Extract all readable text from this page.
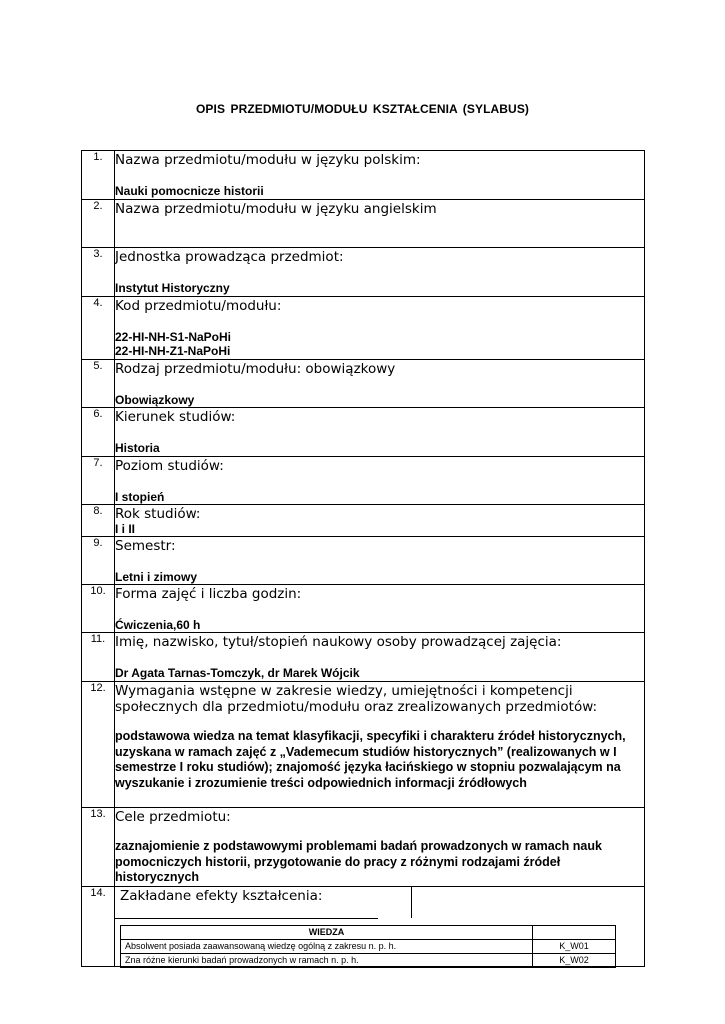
OPIS PRZEDMIOTU/MODUŁU KSZTAŁCENIA (SYLABUS)
1.	Nazwa przedmiotu/modułu w języku polskim:
Nauki pomocnicze historii

2.	Nazwa przedmiotu/modułu w języku angielskim

3.	Jednostka prowadząca przedmiot:
Instytut Historyczny

4.	Kod przedmiotu/modułu:
22-HI-NH-S1-NaPoHi
22-HI-NH-Z1-NaPoHi

5.	Rodzaj przedmiotu/modułu: obowiązkowy
Obowiązkowy

6.	Kierunek studiów:
Historia

7.	Poziom studiów:
I stopień

8.	Rok studiów:
I i II

9.	Semestr:
Letni i zimowy

10.	Forma zajęć i liczba godzin:
Ćwiczenia,60 h

11.	Imię, nazwisko, tytuł/stopień naukowy osoby prowadzącej zajęcia:
Dr Agata Tarnas-Tomczyk, dr Marek Wójcik

12.	Wymagania wstępne w zakresie wiedzy, umiejętności i kompetencji społecznych dla przedmiotu/modułu oraz zrealizowanych przedmiotów:
podstawowa wiedza na temat klasyfikacji, specyfiki i charakteru źródeł historycznych, uzyskana w ramach zajęć z „Vademecum studiów historycznych” (realizowanych w I semestrze I roku studiów); znajomość języka łacińskiego w stopniu pozwalającym na wyszukanie i zrozumienie treści odpowiednich informacji źródłowych

13.	Cele przedmiotu:
zaznajomienie z podstawowymi problemami badań prowadzonych w ramach nauk pomocniczych historii, przygotowanie do pracy z różnymi rodzajami źródeł historycznych

14.	Zakładane efekty kształcenia:
WIEDZA	
Absolwent posiada zaawansowaną wiedzę ogólną z zakresu n. p. h.	K_W01
Zna różne kierunki badań prowadzonych w ramach n. p. h.	K_W02
